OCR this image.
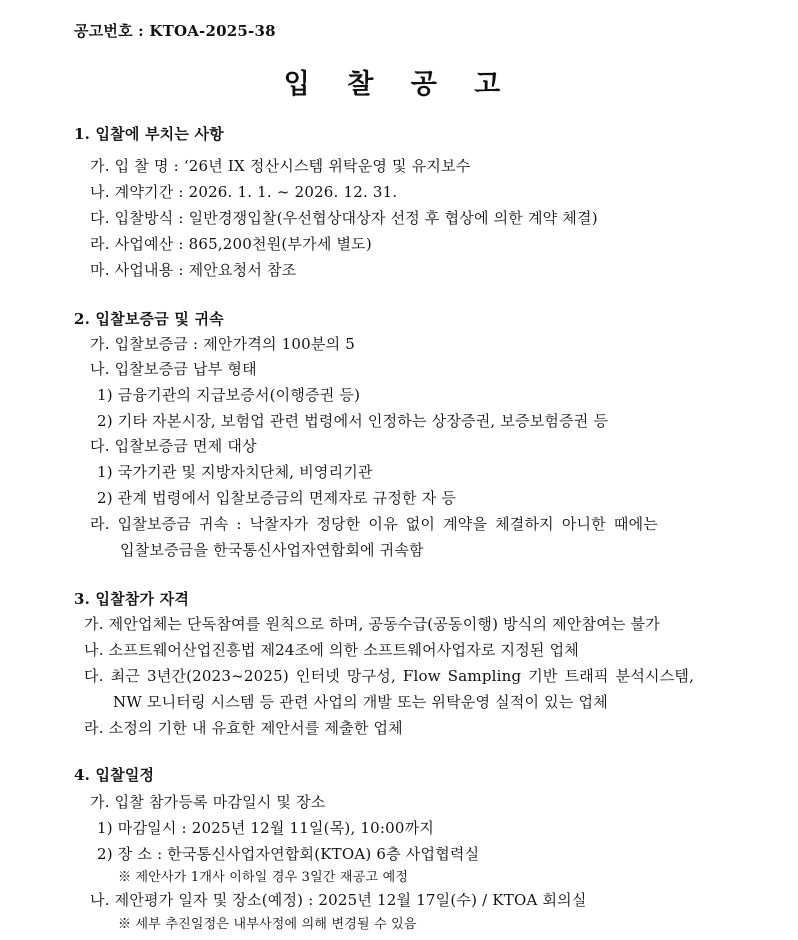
공고번호 : KTOA-2025-38
입 찰 공 고
1. 입찰에 부치는 사항
가. 입 찰 명 : ‘26년 IX 정산시스템 위탁운영 및 유지보수
나. 계약기간 : 2026. 1. 1. ~ 2026. 12. 31.
다. 입찰방식 : 일반경쟁입찰(우선협상대상자 선정 후 협상에 의한 계약 체결)
라. 사업예산 : 865,200천원(부가세 별도)
마. 사업내용 : 제안요청서 참조
2. 입찰보증금 및 귀속
가. 입찰보증금 : 제안가격의 100분의 5
나. 입찰보증금 납부 형태
1) 금융기관의 지급보증서(이행증권 등)
2) 기타 자본시장, 보험업 관련 법령에서 인정하는 상장증권, 보증보험증권 등
다. 입찰보증금 면제 대상
1) 국가기관 및 지방자치단체, 비영리기관
2) 관계 법령에서 입찰보증금의 면제자로 규정한 자 등
라. 입찰보증금 귀속 : 낙찰자가 정당한 이유 없이 계약을 체결하지 아니한 때에는
입찰보증금을 한국통신사업자연합회에 귀속함
3. 입찰참가 자격
가. 제안업체는 단독참여를 원칙으로 하며, 공동수급(공동이행) 방식의 제안참여는 불가
나. 소프트웨어산업진흥법 제24조에 의한 소프트웨어사업자로 지정된 업체
다. 최근 3년간(2023~2025) 인터넷 망구성, Flow Sampling 기반 트래픽 분석시스템,
NW 모니터링 시스템 등 관련 사업의 개발 또는 위탁운영 실적이 있는 업체
라. 소정의 기한 내 유효한 제안서를 제출한 업체
4. 입찰일정
가. 입찰 참가등록 마감일시 및 장소
1) 마감일시 : 2025년 12월 11일(목), 10:00까지
2) 장 소 : 한국통신사업자연합회(KTOA) 6층 사업협력실
※ 제안사가 1개사 이하일 경우 3일간 재공고 예정
나. 제안평가 일자 및 장소(예정) : 2025년 12월 17일(수) / KTOA 회의실
※ 세부 추진일정은 내부사정에 의해 변경될 수 있음
